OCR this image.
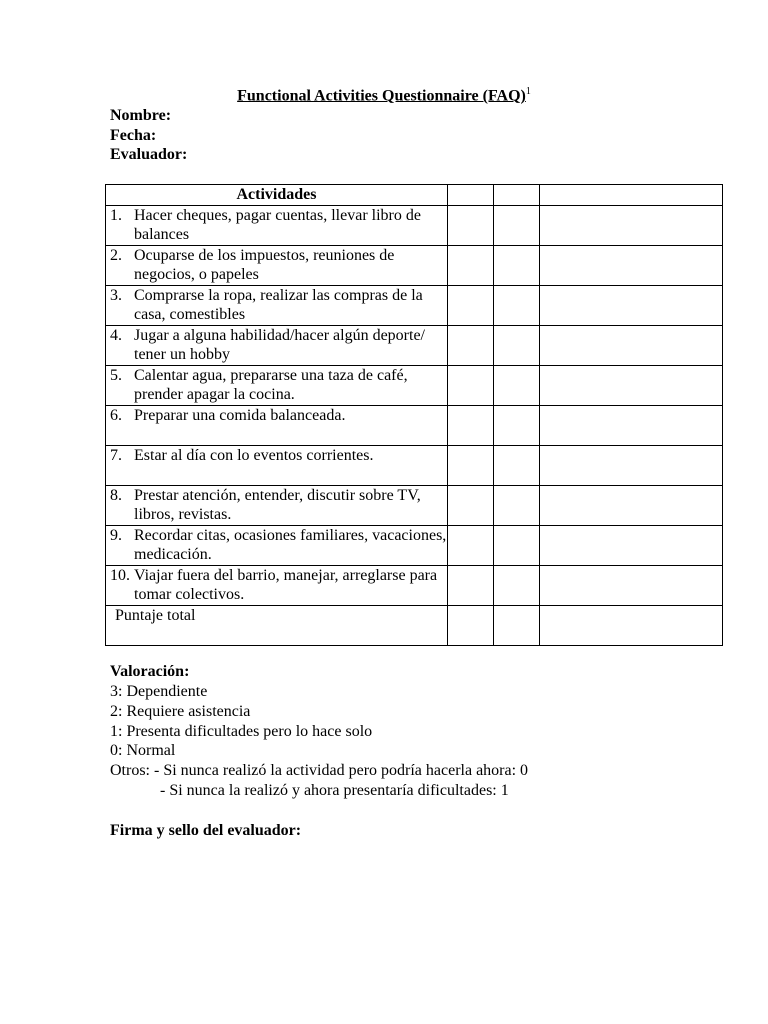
Functional Activities Questionnaire (FAQ)$^1$
Nombre:
Fecha:
Evaluador:
Actividades			

1. Hacer cheques, pagar cuentas, llevar libro de balances			

2. Ocuparse de los impuestos, reuniones de negocios, o papeles			

3. Comprarse la ropa, realizar las compras de la casa, comestibles			

4. Jugar a alguna habilidad/hacer algún deporte/ tener un hobby			

5. Calentar agua, prepararse una taza de café, prender apagar la cocina.			

6. Preparar una comida balanceada.			

7. Estar al día con lo eventos corrientes.			

8. Prestar atención, entender, discutir sobre TV, libros, revistas.			

9. Recordar citas, ocasiones familiares, vacaciones, medicación.			

10. Viajar fuera del barrio, manejar, arreglarse para tomar colectivos.			

Puntaje total			

Valoración:
3: Dependiente
2: Requiere asistencia
1: Presenta dificultades pero lo hace solo
0: Normal
Otros: - Si nunca realizó la actividad pero podría hacerla ahora: 0
- Si nunca la realizó y ahora presentaría dificultades: 1
Firma y sello del evaluador:
